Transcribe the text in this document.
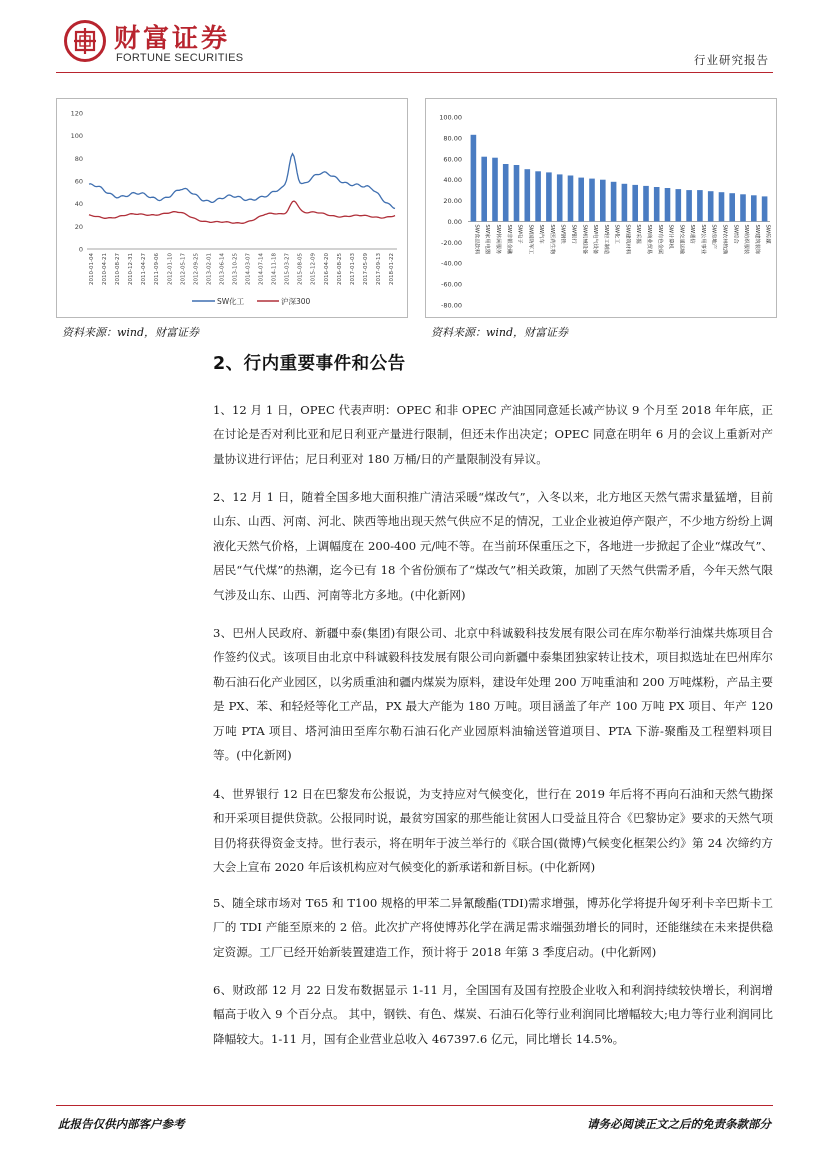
财富证券
FORTUNE SECURITIES	行业研究报告
120
100
80
60
40
20
0
2010-01-04 2010-04-21 2010-08-27 2010-12-31 2011-04-27 2011-09-06 2012-01-10 2012-05-17 2012-09-25 2013-02-01 2013-06-14 2013-10-25 2014-03-07 2014-07-14 2014-11-18 2015-03-27 2015-08-05 2015-12-09 2016-04-20 2016-08-25 2017-01-03 2017-05-09 2017-09-13 2018-01-22
SW化工	沪深300
资料来源：wind，财富证券
100.00
80.00
60.00
40.00
20.00
0.00
-20.00
-40.00
-60.00
-80.00
SW食品饮料 SW家用电器 SW休闲服务 SW非银金融 SW电子 SW国防军工 SW汽车 SW医药生物 SW钢铁 SW银行 SW机械设备 SW电气设备 SW轻工制造 SW化工 SW建筑材料 SW采掘 SW商业贸易 SW有色金属 SW计算机 SW交通运输 SW通信 SW公用事业 SW房地产 SW农林牧渔 SW综合 SW纺织服装 SW建筑装饰 SW传媒
资料来源：wind，财富证券
2、行内重要事件和公告

1、12 月 1 日，OPEC 代表声明：OPEC 和非 OPEC 产油国同意延长减产协议 9 个月至 2018 年年底，正在讨论是否对利比亚和尼日利亚产量进行限制，但还未作出决定；OPEC 同意在明年 6 月的会议上重新对产量协议进行评估；尼日利亚对 180 万桶/日的产量限制没有异议。

2、12 月 1 日，随着全国多地大面积推广清洁采暖“煤改气”，入冬以来，北方地区天然气需求量猛增，目前山东、山西、河南、河北、陕西等地出现天然气供应不足的情况，工业企业被迫停产限产，不少地方纷纷上调液化天然气价格，上调幅度在 200-400 元/吨不等。在当前环保重压之下，各地进一步掀起了企业“煤改气”、居民“气代煤”的热潮，迄今已有 18 个省份颁布了“煤改气”相关政策，加剧了天然气供需矛盾，今年天然气限气涉及山东、山西、河南等北方多地。(中化新网)

3、巴州人民政府、新疆中泰(集团)有限公司、北京中科诚毅科技发展有限公司在库尔勒举行油煤共炼项目合作签约仪式。该项目由北京中科诚毅科技发展有限公司向新疆中泰集团独家转让技术，项目拟选址在巴州库尔勒石油石化产业园区，以劣质重油和疆内煤炭为原料，建设年处理 200 万吨重油和 200 万吨煤粉，产品主要是 PX、苯、和轻烃等化工产品，PX 最大产能为 180 万吨。项目涵盖了年产 100 万吨 PX 项目、年产 120 万吨 PTA 项目、塔河油田至库尔勒石油石化产业园原料油输送管道项目、PTA 下游-聚酯及工程塑料项目等。(中化新网)

4、世界银行 12 日在巴黎发布公报说，为支持应对气候变化，世行在 2019 年后将不再向石油和天然气勘探和开采项目提供贷款。公报同时说，最贫穷国家的那些能让贫困人口受益且符合《巴黎协定》要求的天然气项目仍将获得资金支持。世行表示，将在明年于波兰举行的《联合国(微博)气候变化框架公约》第 24 次缔约方大会上宣布 2020 年后该机构应对气候变化的新承诺和新目标。(中化新网)

5、随全球市场对 T65 和 T100 规格的甲苯二异氰酸酯(TDI)需求增强，博苏化学将提升匈牙利卡辛巴斯卡工厂的 TDI 产能至原来的 2 倍。此次扩产将使博苏化学在满足需求端强劲增长的同时，还能继续在未来提供稳定资源。工厂已经开始新装置建造工作，预计将于 2018 年第 3 季度启动。(中化新网)

6、财政部 12 月 22 日发布数据显示 1-11 月，全国国有及国有控股企业收入和利润持续较快增长，利润增幅高于收入 9 个百分点。 其中，钢铁、有色、煤炭、石油石化等行业利润同比增幅较大;电力等行业利润同比降幅较大。1-11 月，国有企业营业总收入 467397.6 亿元，同比增长 14.5%。

此报告仅供内部客户参考	请务必阅读正文之后的免责条款部分
